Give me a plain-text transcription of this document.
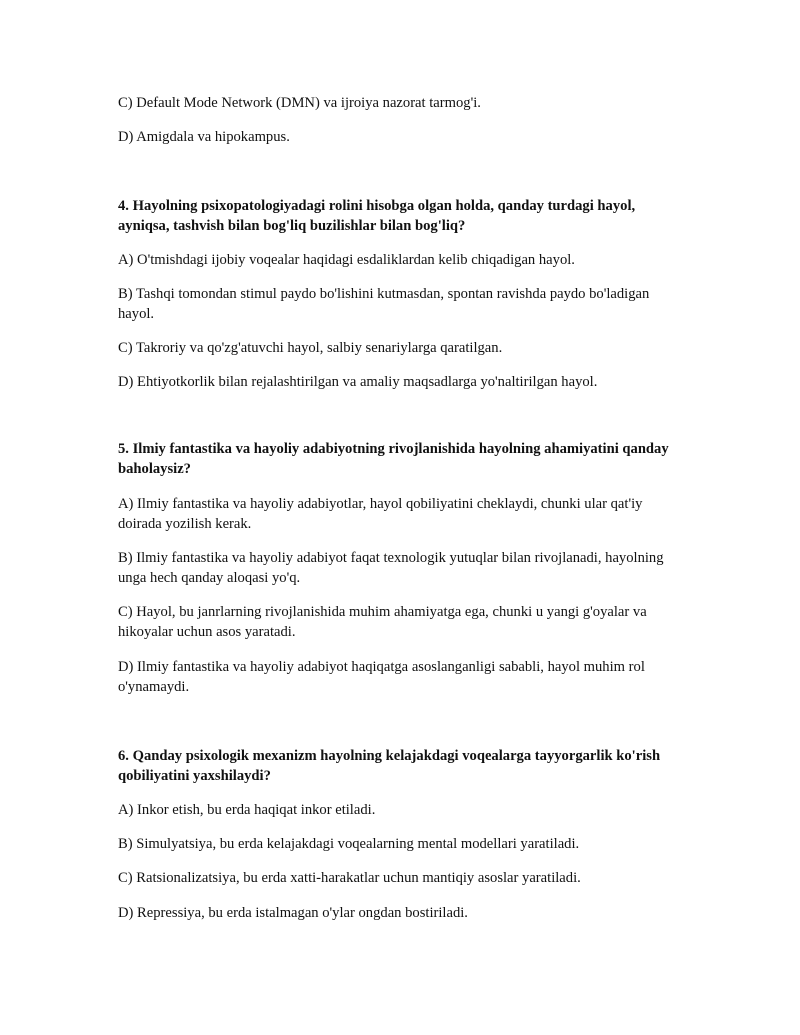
C) Default Mode Network (DMN) va ijroiya nazorat tarmog'i.
D) Amigdala va hipokampus.
4. Hayolning psixopatologiyadagi rolini hisobga olgan holda, qanday turdagi hayol, ayniqsa, tashvish bilan bog'liq buzilishlar bilan bog'liq?
A) O'tmishdagi ijobiy voqealar haqidagi esdaliklardan kelib chiqadigan hayol.
B) Tashqi tomondan stimul paydo bo'lishini kutmasdan, spontan ravishda paydo bo'ladigan hayol.
C) Takroriy va qo'zg'atuvchi hayol, salbiy senariylarga qaratilgan.
D) Ehtiyotkorlik bilan rejalashtirilgan va amaliy maqsadlarga yo'naltirilgan hayol.
5. Ilmiy fantastika va hayoliy adabiyotning rivojlanishida hayolning ahamiyatini qanday baholaysiz?
A) Ilmiy fantastika va hayoliy adabiyotlar, hayol qobiliyatini cheklaydi, chunki ular qat'iy doirada yozilish kerak.
B) Ilmiy fantastika va hayoliy adabiyot faqat texnologik yutuqlar bilan rivojlanadi, hayolning unga hech qanday aloqasi yo'q.
C) Hayol, bu janrlarning rivojlanishida muhim ahamiyatga ega, chunki u yangi g'oyalar va hikoyalar uchun asos yaratadi.
D) Ilmiy fantastika va hayoliy adabiyot haqiqatga asoslanganligi sababli, hayol muhim rol o'ynamaydi.
6. Qanday psixologik mexanizm hayolning kelajakdagi voqealarga tayyorgarlik ko'rish qobiliyatini yaxshilaydi?
A) Inkor etish, bu erda haqiqat inkor etiladi.
B) Simulyatsiya, bu erda kelajakdagi voqealarning mental modellari yaratiladi.
C) Ratsionalizatsiya, bu erda xatti-harakatlar uchun mantiqiy asoslar yaratiladi.
D) Repressiya, bu erda istalmagan o'ylar ongdan bostiriladi.
